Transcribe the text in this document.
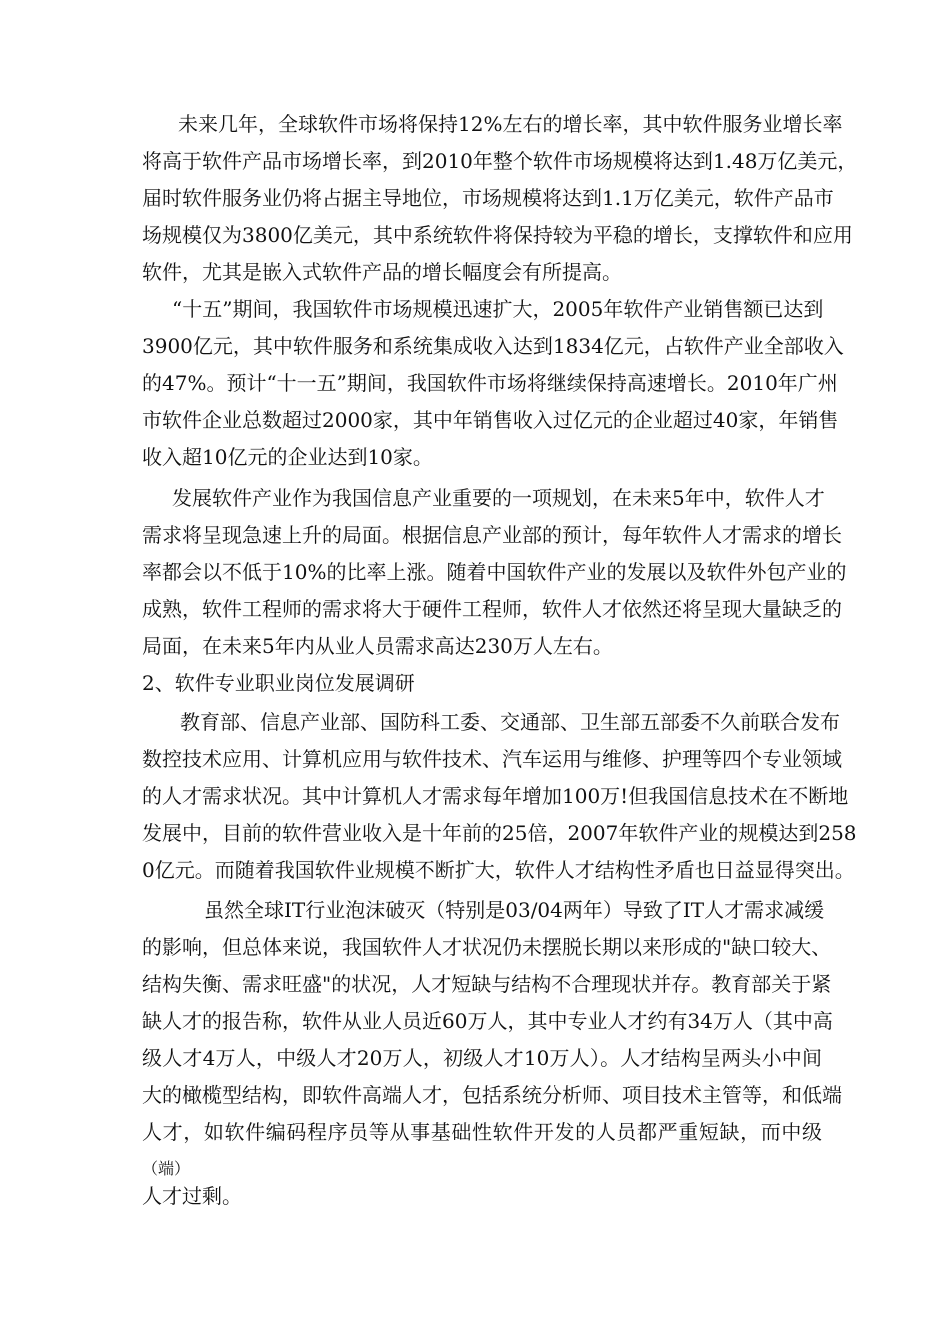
未来几年，全球软件市场将保持12%左右的增长率，其中软件服务业增长率
将高于软件产品市场增长率，到2010年整个软件市场规模将达到1.48万亿美元，
届时软件服务业仍将占据主导地位，市场规模将达到1.1万亿美元，软件产品市
场规模仅为3800亿美元，其中系统软件将保持较为平稳的增长，支撑软件和应用
软件，尤其是嵌入式软件产品的增长幅度会有所提高。
“十五”期间，我国软件市场规模迅速扩大，2005年软件产业销售额已达到
3900亿元，其中软件服务和系统集成收入达到1834亿元，占软件产业全部收入
的47%。预计“十一五”期间，我国软件市场将继续保持高速增长。2010年广州
市软件企业总数超过2000家，其中年销售收入过亿元的企业超过40家，年销售
收入超10亿元的企业达到10家。
发展软件产业作为我国信息产业重要的一项规划，在未来5年中，软件人才
需求将呈现急速上升的局面。根据信息产业部的预计，每年软件人才需求的增长
率都会以不低于10%的比率上涨。随着中国软件产业的发展以及软件外包产业的
成熟，软件工程师的需求将大于硬件工程师，软件人才依然还将呈现大量缺乏的
局面，在未来5年内从业人员需求高达230万人左右。
2、软件专业职业岗位发展调研
教育部、信息产业部、国防科工委、交通部、卫生部五部委不久前联合发布
数控技术应用、计算机应用与软件技术、汽车运用与维修、护理等四个专业领域
的人才需求状况。其中计算机人才需求每年增加100万!但我国信息技术在不断地
发展中，目前的软件营业收入是十年前的25倍，2007年软件产业的规模达到258
0亿元。而随着我国软件业规模不断扩大，软件人才结构性矛盾也日益显得突出。
虽然全球IT行业泡沫破灭（特别是03/04两年）导致了IT人才需求减缓
的影响，但总体来说，我国软件人才状况仍未摆脱长期以来形成的"缺口较大、
结构失衡、需求旺盛"的状况，人才短缺与结构不合理现状并存。教育部关于紧
缺人才的报告称，软件从业人员近60万人，其中专业人才约有34万人（其中高
级人才4万人，中级人才20万人，初级人才10万人）。人才结构呈两头小中间
大的橄榄型结构，即软件高端人才，包括系统分析师、项目技术主管等，和低端
人才，如软件编码程序员等从事基础性软件开发的人员都严重短缺，而中级
（端）
人才过剩。
